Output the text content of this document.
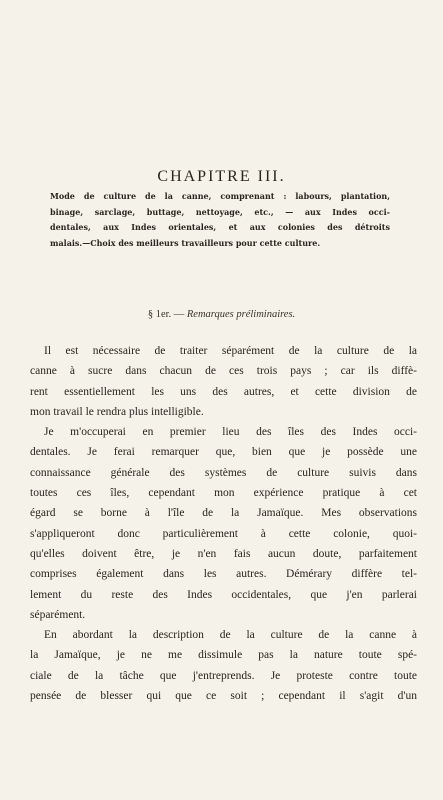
CHAPITRE III.
Mode de culture de la canne, comprenant : labours, plantation,
binage, sarclage, buttage, nettoyage, etc., — aux Indes occi-
dentales, aux Indes orientales, et aux colonies des détroits
malais.—Choix des meilleurs travailleurs pour cette culture.
§ 1er. — Remarques préliminaires.
Il est nécessaire de traiter séparément de la culture de la
canne à sucre dans chacun de ces trois pays ; car ils diffè-
rent essentiellement les uns des autres, et cette division de
mon travail le rendra plus intelligible.
Je m'occuperai en premier lieu des îles des Indes occi-
dentales. Je ferai remarquer que, bien que je possède une
connaissance générale des systèmes de culture suivis dans
toutes ces îles, cependant mon expérience pratique à cet
égard se borne à l'île de la Jamaïque. Mes observations
s'appliqueront donc particulièrement à cette colonie, quoi-
qu'elles doivent être, je n'en fais aucun doute, parfaitement
comprises également dans les autres. Démérary diffère tel-
lement du reste des Indes occidentales, que j'en parlerai
séparément.
En abordant la description de la culture de la canne à
la Jamaïque, je ne me dissimule pas la nature toute spé-
ciale de la tâche que j'entreprends. Je proteste contre toute
pensée de blesser qui que ce soit ; cependant il s'agit d'un
